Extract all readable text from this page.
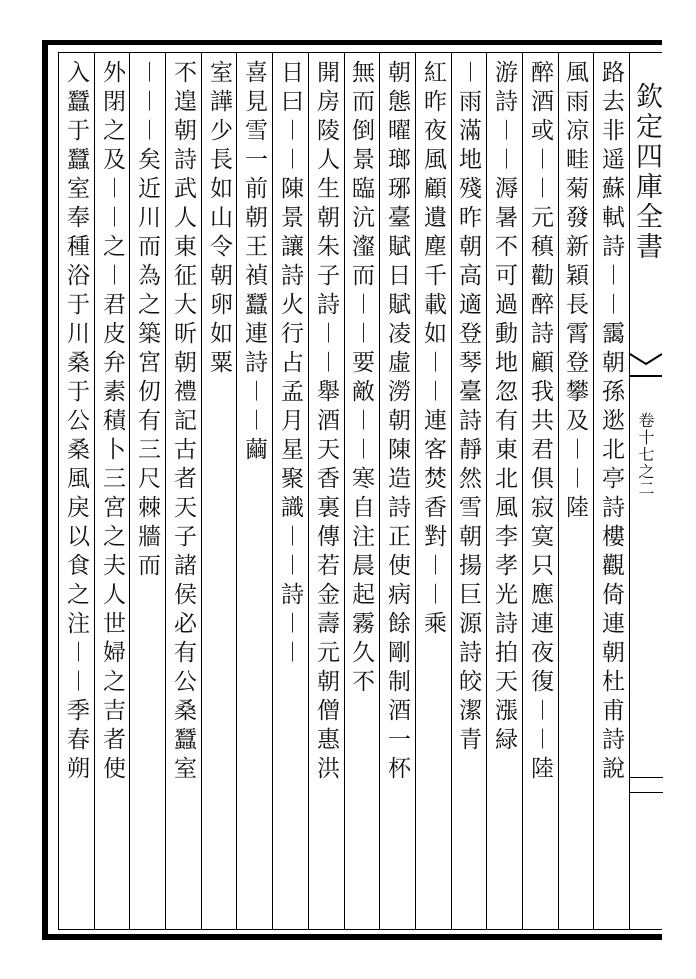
欽定四庫全書
卷十七之二
路去非遥蘇軾詩︱︱靄朝孫逖北亭詩樓觀倚連朝杜甫詩說
風雨凉畦菊發新穎長霄登攀及︱︱陸
醉酒或︱︱元稹勸醉詩顧我共君俱寂寞只應連夜復︱︱陸
游詩︱︱溽暑不可過動地忽有東北風李孝光詩拍天漲緑
︱雨滿地殘昨朝高適登琴臺詩靜然雪朝揚巨源詩皎潔青
紅昨夜風顧遺塵千載如︱︱連客焚香對︱︱乘
朝態曜瑯琊臺賦日賦凌虛澇朝陳造詩正使病餘剛制酒一杯
無而倒景臨沆瀣而︱︱要敵︱︱寒自注晨起霧久不
開房陵人生朝朱子詩︱︱舉酒天香裏傳若金壽元朝僧惠洪
日曰︱︱陳景讓詩火行占孟月星聚識︱︱詩︱︱
喜見雪一前朝王禎蠶連詩︱︱繭
室譁少長如山令朝卵如粟
不遑朝詩武人東征大昕朝禮記古者天子諸侯必有公桑蠶室
︱︱︱矣近川而為之築宮仞有三尺棘牆而
外閉之及︱︱之︱君皮弁素積卜三宮之夫人世婦之吉者使
入蠶于蠶室奉種浴于川桑于公桑風戾以食之注︱︱季春朔
